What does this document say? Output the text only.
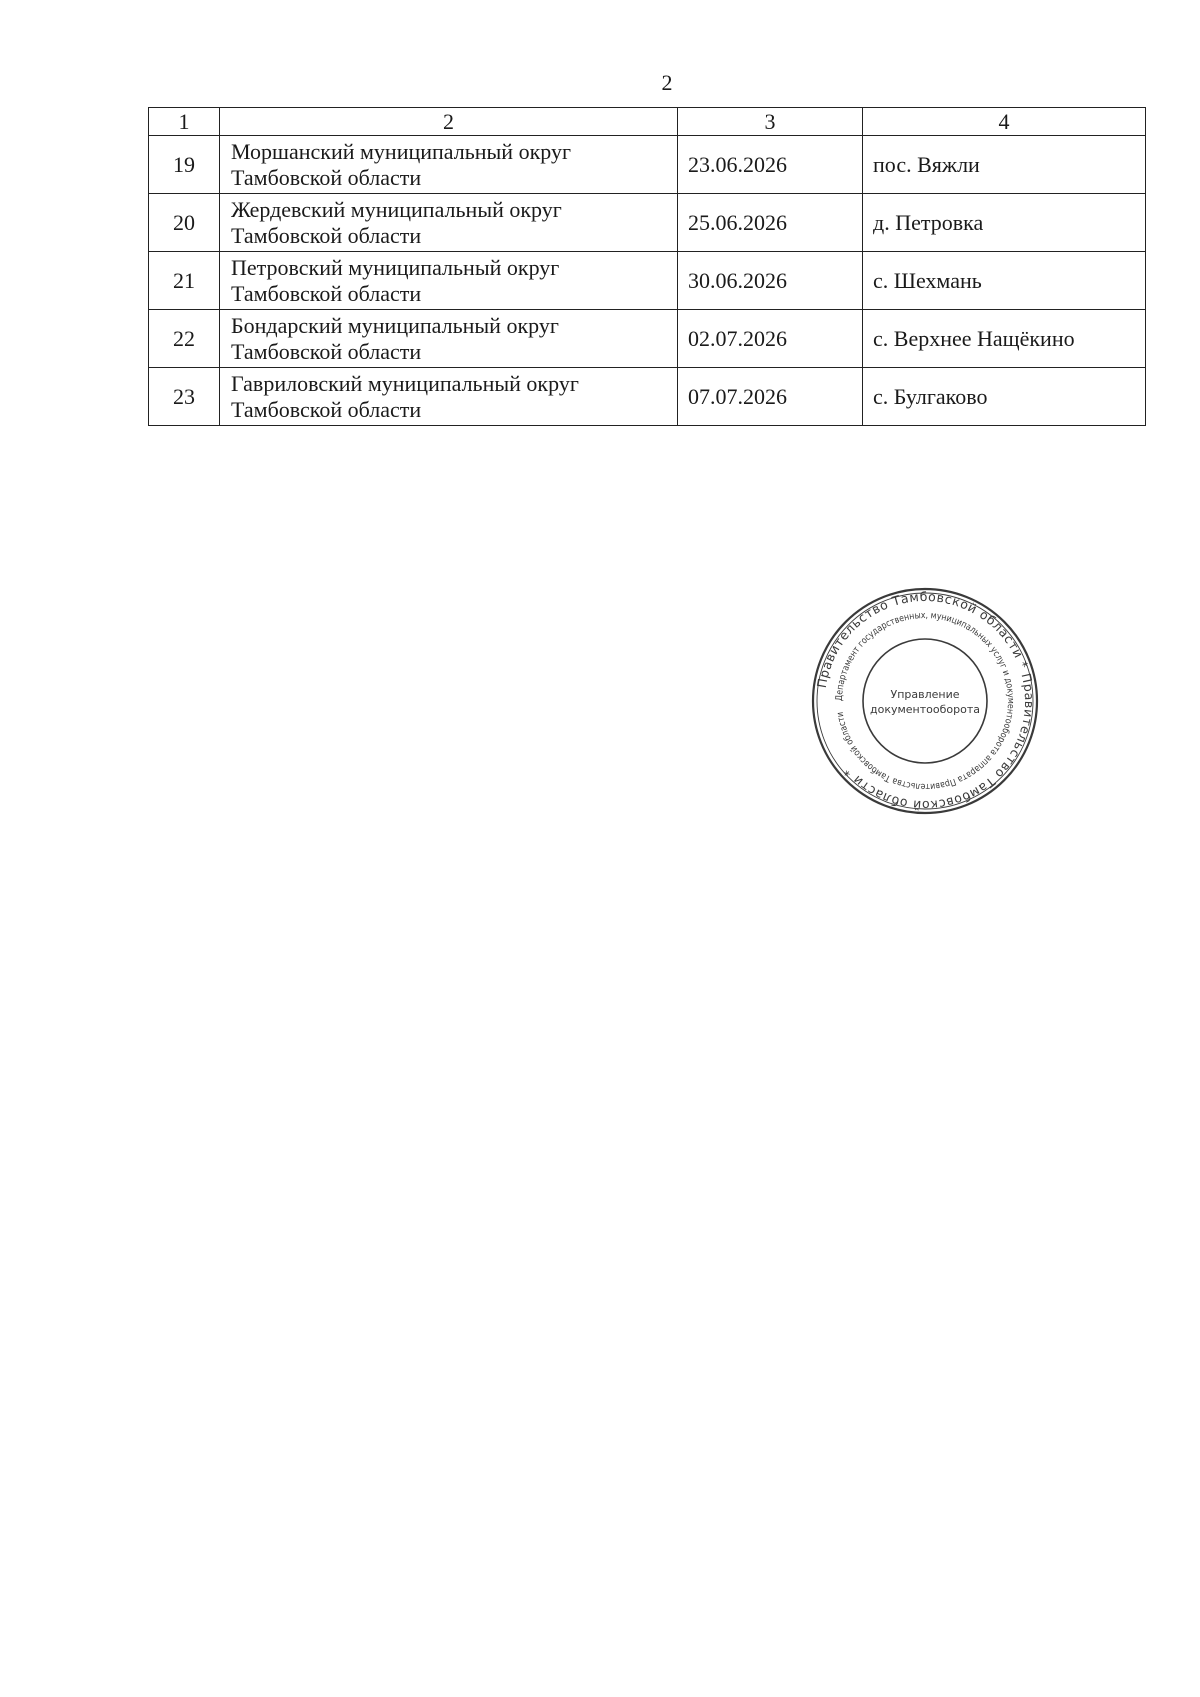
2
1	2	3	4
19	Моршанский муниципальный округ
Тамбовской области	23.06.2026	пос. Вяжли
20	Жердевский муниципальный округ
Тамбовской области	25.06.2026	д. Петровка
21	Петровский муниципальный округ
Тамбовской области	30.06.2026	с. Шехмань
22	Бондарский муниципальный округ
Тамбовской области	02.07.2026	с. Верхнее Нащёкино
23	Гавриловский муниципальный округ
Тамбовской области	07.07.2026	с. Булгаково
Правительство Тамбовской области * Правительство Тамбовской области *
Департамент государственных, муниципальных услуг и документооборота аппарата Правительства Тамбовской области
Управление
документооборота
